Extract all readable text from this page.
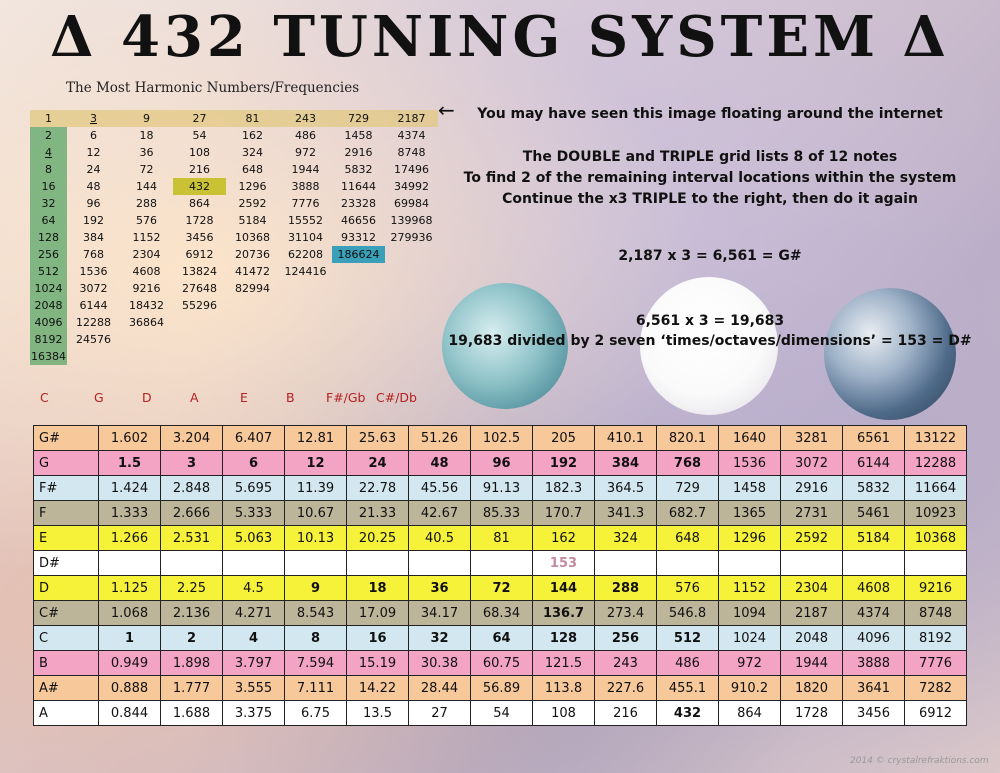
Δ 432 TUNING SYSTEM Δ
The Most Harmonic Numbers/Frequencies
1	3	9	27	81	243	729	2187
2	6	18	54	162	486	1458	4374
4	12	36	108	324	972	2916	8748
8	24	72	216	648	1944	5832	17496
16	48	144	432	1296	3888	11644	34992
32	96	288	864	2592	7776	23328	69984
64	192	576	1728	5184	15552	46656	139968
128	384	1152	3456	10368	31104	93312	279936
256	768	2304	6912	20736	62208	186624	
512	1536	4608	13824	41472	124416		
1024	3072	9216	27648	82994			
2048	6144	18432	55296				
4096	12288	36864					
8192	24576						
16384							
C	G	D	A	E	B	F#/Gb C#/Db
←	You may have seen this image floating around the internet
The DOUBLE and TRIPLE grid lists 8 of 12 notes
To find 2 of the remaining interval locations within the system
Continue the x3 TRIPLE to the right, then do it again
2,187 x 3 = 6,561 = G#
6,561 x 3 = 19,683
19,683 divided by 2 seven ‘times/octaves/dimensions’ = 153 = D#
G#	1.602	3.204	6.407	12.81	25.63	51.26	102.5	205	410.1	820.1	1640	3281	6561	13122
G	1.5	3	6	12	24	48	96	192	384	768	1536	3072	6144	12288
F#	1.424	2.848	5.695	11.39	22.78	45.56	91.13	182.3	364.5	729	1458	2916	5832	11664
F	1.333	2.666	5.333	10.67	21.33	42.67	85.33	170.7	341.3	682.7	1365	2731	5461	10923
E	1.266	2.531	5.063	10.13	20.25	40.5	81	162	324	648	1296	2592	5184	10368
D#								153						
D	1.125	2.25	4.5	9	18	36	72	144	288	576	1152	2304	4608	9216
C#	1.068	2.136	4.271	8.543	17.09	34.17	68.34	136.7	273.4	546.8	1094	2187	4374	8748
C	1	2	4	8	16	32	64	128	256	512	1024	2048	4096	8192
B	0.949	1.898	3.797	7.594	15.19	30.38	60.75	121.5	243	486	972	1944	3888	7776
A#	0.888	1.777	3.555	7.111	14.22	28.44	56.89	113.8	227.6	455.1	910.2	1820	3641	7282
A	0.844	1.688	3.375	6.75	13.5	27	54	108	216	432	864	1728	3456	6912
2014 © crystalrefraktions.com
